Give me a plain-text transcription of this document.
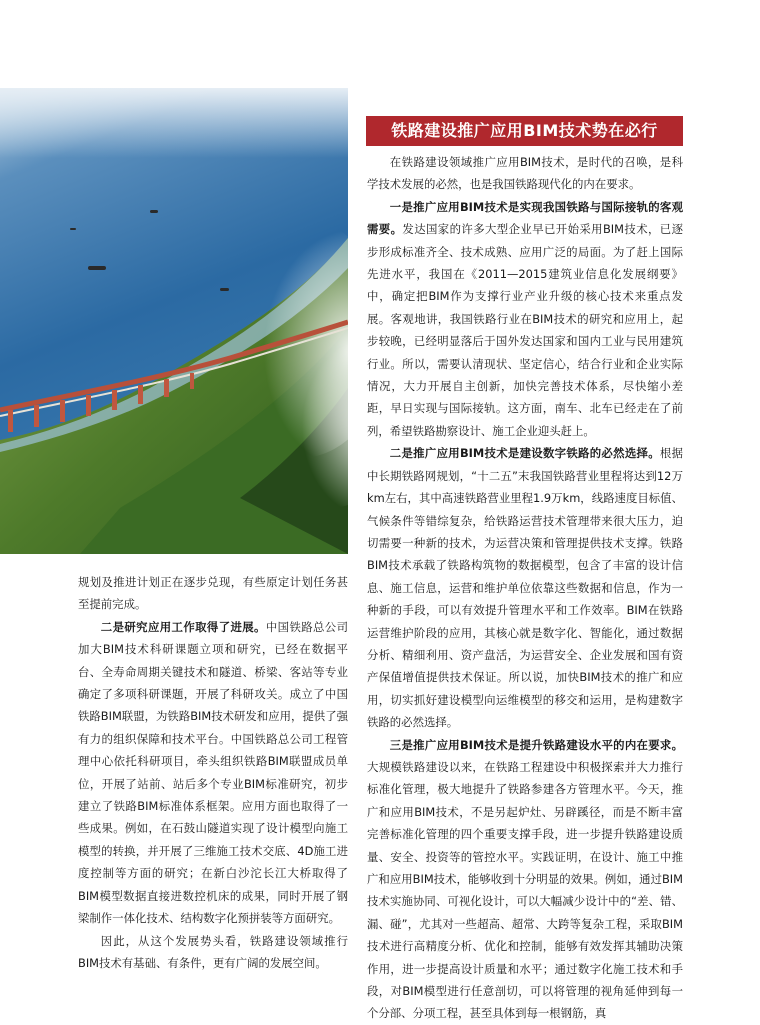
铁路建设推广应用BIM技术势在必行

规划及推进计划正在逐步兑现，有些原定计划任务甚至提前完成。

二是研究应用工作取得了进展。中国铁路总公司加大BIM技术科研课题立项和研究，已经在数据平台、全寿命周期关键技术和隧道、桥梁、客站等专业确定了多项科研课题，开展了科研攻关。成立了中国铁路BIM联盟，为铁路BIM技术研发和应用，提供了强有力的组织保障和技术平台。中国铁路总公司工程管理中心依托科研项目，牵头组织铁路BIM联盟成员单位，开展了站前、站后多个专业BIM标准研究，初步建立了铁路BIM标准体系框架。应用方面也取得了一些成果。例如，在石鼓山隧道实现了设计模型向施工模型的转换，并开展了三维施工技术交底、4D施工进度控制等方面的研究；在新白沙沱长江大桥取得了BIM模型数据直接进数控机床的成果，同时开展了钢梁制作一体化技术、结构数字化预拼装等方面研究。

因此，从这个发展势头看，铁路建设领域推行BIM技术有基础、有条件，更有广阔的发展空间。

在铁路建设领域推广应用BIM技术，是时代的召唤，是科学技术发展的必然，也是我国铁路现代化的内在要求。

一是推广应用BIM技术是实现我国铁路与国际接轨的客观需要。发达国家的许多大型企业早已开始采用BIM技术，已逐步形成标准齐全、技术成熟、应用广泛的局面。为了赶上国际先进水平，我国在《2011—2015建筑业信息化发展纲要》中，确定把BIM作为支撑行业产业升级的核心技术来重点发展。客观地讲，我国铁路行业在BIM技术的研究和应用上，起步较晚，已经明显落后于国外发达国家和国内工业与民用建筑行业。所以，需要认清现状、坚定信心，结合行业和企业实际情况，大力开展自主创新，加快完善技术体系，尽快缩小差距，早日实现与国际接轨。这方面，南车、北车已经走在了前列，希望铁路勘察设计、施工企业迎头赶上。

二是推广应用BIM技术是建设数字铁路的必然选择。根据中长期铁路网规划，“十二五”末我国铁路营业里程将达到12万km左右，其中高速铁路营业里程1.9万km，线路速度目标值、气候条件等错综复杂，给铁路运营技术管理带来很大压力，迫切需要一种新的技术，为运营决策和管理提供技术支撑。铁路BIM技术承载了铁路构筑物的数据模型，包含了丰富的设计信息、施工信息，运营和维护单位依靠这些数据和信息，作为一种新的手段，可以有效提升管理水平和工作效率。BIM在铁路运营维护阶段的应用，其核心就是数字化、智能化，通过数据分析、精细利用、资产盘活，为运营安全、企业发展和国有资产保值增值提供技术保证。所以说，加快BIM技术的推广和应用，切实抓好建设模型向运维模型的移交和运用，是构建数字铁路的必然选择。

三是推广应用BIM技术是提升铁路建设水平的内在要求。大规模铁路建设以来，在铁路工程建设中积极探索并大力推行标准化管理，极大地提升了铁路参建各方管理水平。今天，推广和应用BIM技术，不是另起炉灶、另辟蹊径，而是不断丰富完善标准化管理的四个重要支撑手段，进一步提升铁路建设质量、安全、投资等的管控水平。实践证明，在设计、施工中推广和应用BIM技术，能够收到十分明显的效果。例如，通过BIM技术实施协同、可视化设计，可以大幅减少设计中的“差、错、漏、碰”，尤其对一些超高、超常、大跨等复杂工程，采取BIM技术进行高精度分析、优化和控制，能够有效发挥其辅助决策作用，进一步提高设计质量和水平；通过数字化施工技术和手段，对BIM模型进行任意剖切，可以将管理的视角延伸到每一个分部、分项工程，甚至具体到每一根钢筋，真
